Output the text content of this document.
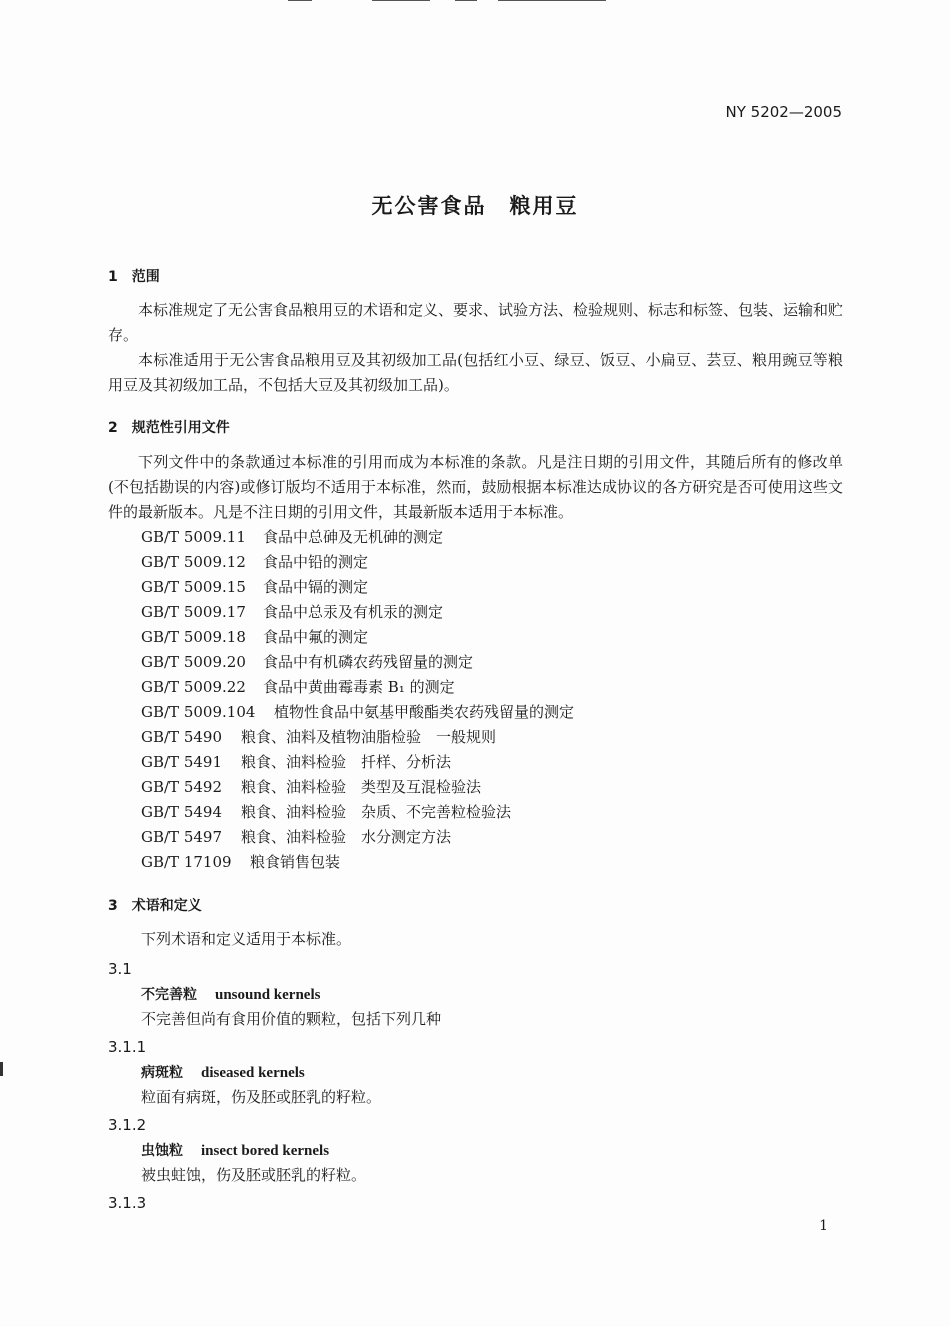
NY 5202—2005
无公害食品　粮用豆
1　范围
本标准规定了无公害食品粮用豆的术语和定义、要求、试验方法、检验规则、标志和标签、包装、运输和贮存。
本标准适用于无公害食品粮用豆及其初级加工品(包括红小豆、绿豆、饭豆、小扁豆、芸豆、粮用豌豆等粮用豆及其初级加工品，不包括大豆及其初级加工品)。
2　规范性引用文件
下列文件中的条款通过本标准的引用而成为本标准的条款。凡是注日期的引用文件，其随后所有的修改单(不包括勘误的内容)或修订版均不适用于本标准，然而，鼓励根据本标准达成协议的各方研究是否可使用这些文件的最新版本。凡是不注日期的引用文件，其最新版本适用于本标准。
GB/T 5009.11 食品中总砷及无机砷的测定
GB/T 5009.12 食品中铅的测定
GB/T 5009.15 食品中镉的测定
GB/T 5009.17 食品中总汞及有机汞的测定
GB/T 5009.18 食品中氟的测定
GB/T 5009.20 食品中有机磷农药残留量的测定
GB/T 5009.22 食品中黄曲霉毒素 B₁ 的测定
GB/T 5009.104 植物性食品中氨基甲酸酯类农药残留量的测定
GB/T 5490 粮食、油料及植物油脂检验　一般规则
GB/T 5491 粮食、油料检验　扦样、分析法
GB/T 5492 粮食、油料检验　类型及互混检验法
GB/T 5494 粮食、油料检验　杂质、不完善粒检验法
GB/T 5497 粮食、油料检验　水分测定方法
GB/T 17109 粮食销售包装
3　术语和定义
下列术语和定义适用于本标准。
3.1
不完善粒 unsound kernels
不完善但尚有食用价值的颗粒，包括下列几种
3.1.1
病斑粒 diseased kernels
粒面有病斑，伤及胚或胚乳的籽粒。
3.1.2
虫蚀粒 insect bored kernels
被虫蛀蚀，伤及胚或胚乳的籽粒。
3.1.3
1
